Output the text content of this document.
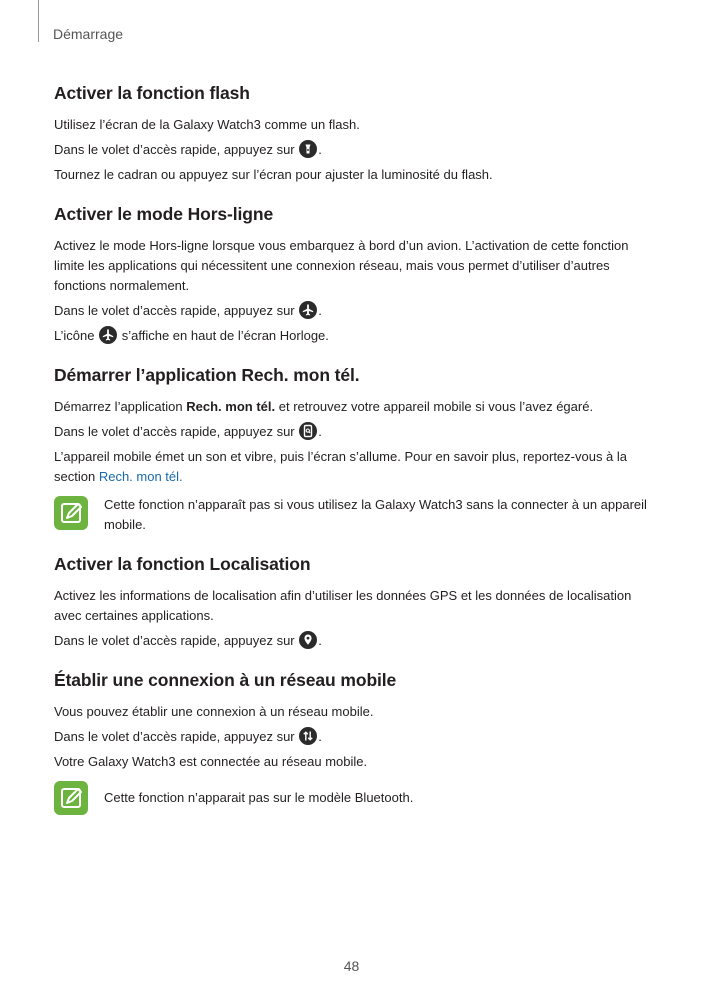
Démarrage
Activer la fonction flash

Utilisez l’écran de la Galaxy Watch3 comme un flash.

Dans le volet d’accès rapide, appuyez sur .

Tournez le cadran ou appuyez sur l’écran pour ajuster la luminosité du flash.

Activer le mode Hors-ligne

Activez le mode Hors-ligne lorsque vous embarquez à bord d’un avion. L’activation de cette fonction limite les applications qui nécessitent une connexion réseau, mais vous permet d’utiliser d’autres fonctions normalement.

Dans le volet d’accès rapide, appuyez sur .

L’icône s’affiche en haut de l’écran Horloge.

Démarrer l’application Rech. mon tél.

Démarrez l’application Rech. mon tél. et retrouvez votre appareil mobile si vous l’avez égaré.

Dans le volet d’accès rapide, appuyez sur .

L’appareil mobile émet un son et vibre, puis l’écran s’allume. Pour en savoir plus, reportez-vous à la section Rech. mon tél.

Cette fonction n’apparaît pas si vous utilisez la Galaxy Watch3 sans la connecter à un appareil mobile.

Activer la fonction Localisation

Activez les informations de localisation afin d’utiliser les données GPS et les données de localisation avec certaines applications.

Dans le volet d’accès rapide, appuyez sur .

Établir une connexion à un réseau mobile

Vous pouvez établir une connexion à un réseau mobile.

Dans le volet d’accès rapide, appuyez sur .

Votre Galaxy Watch3 est connectée au réseau mobile.

Cette fonction n’apparait pas sur le modèle Bluetooth.

48
